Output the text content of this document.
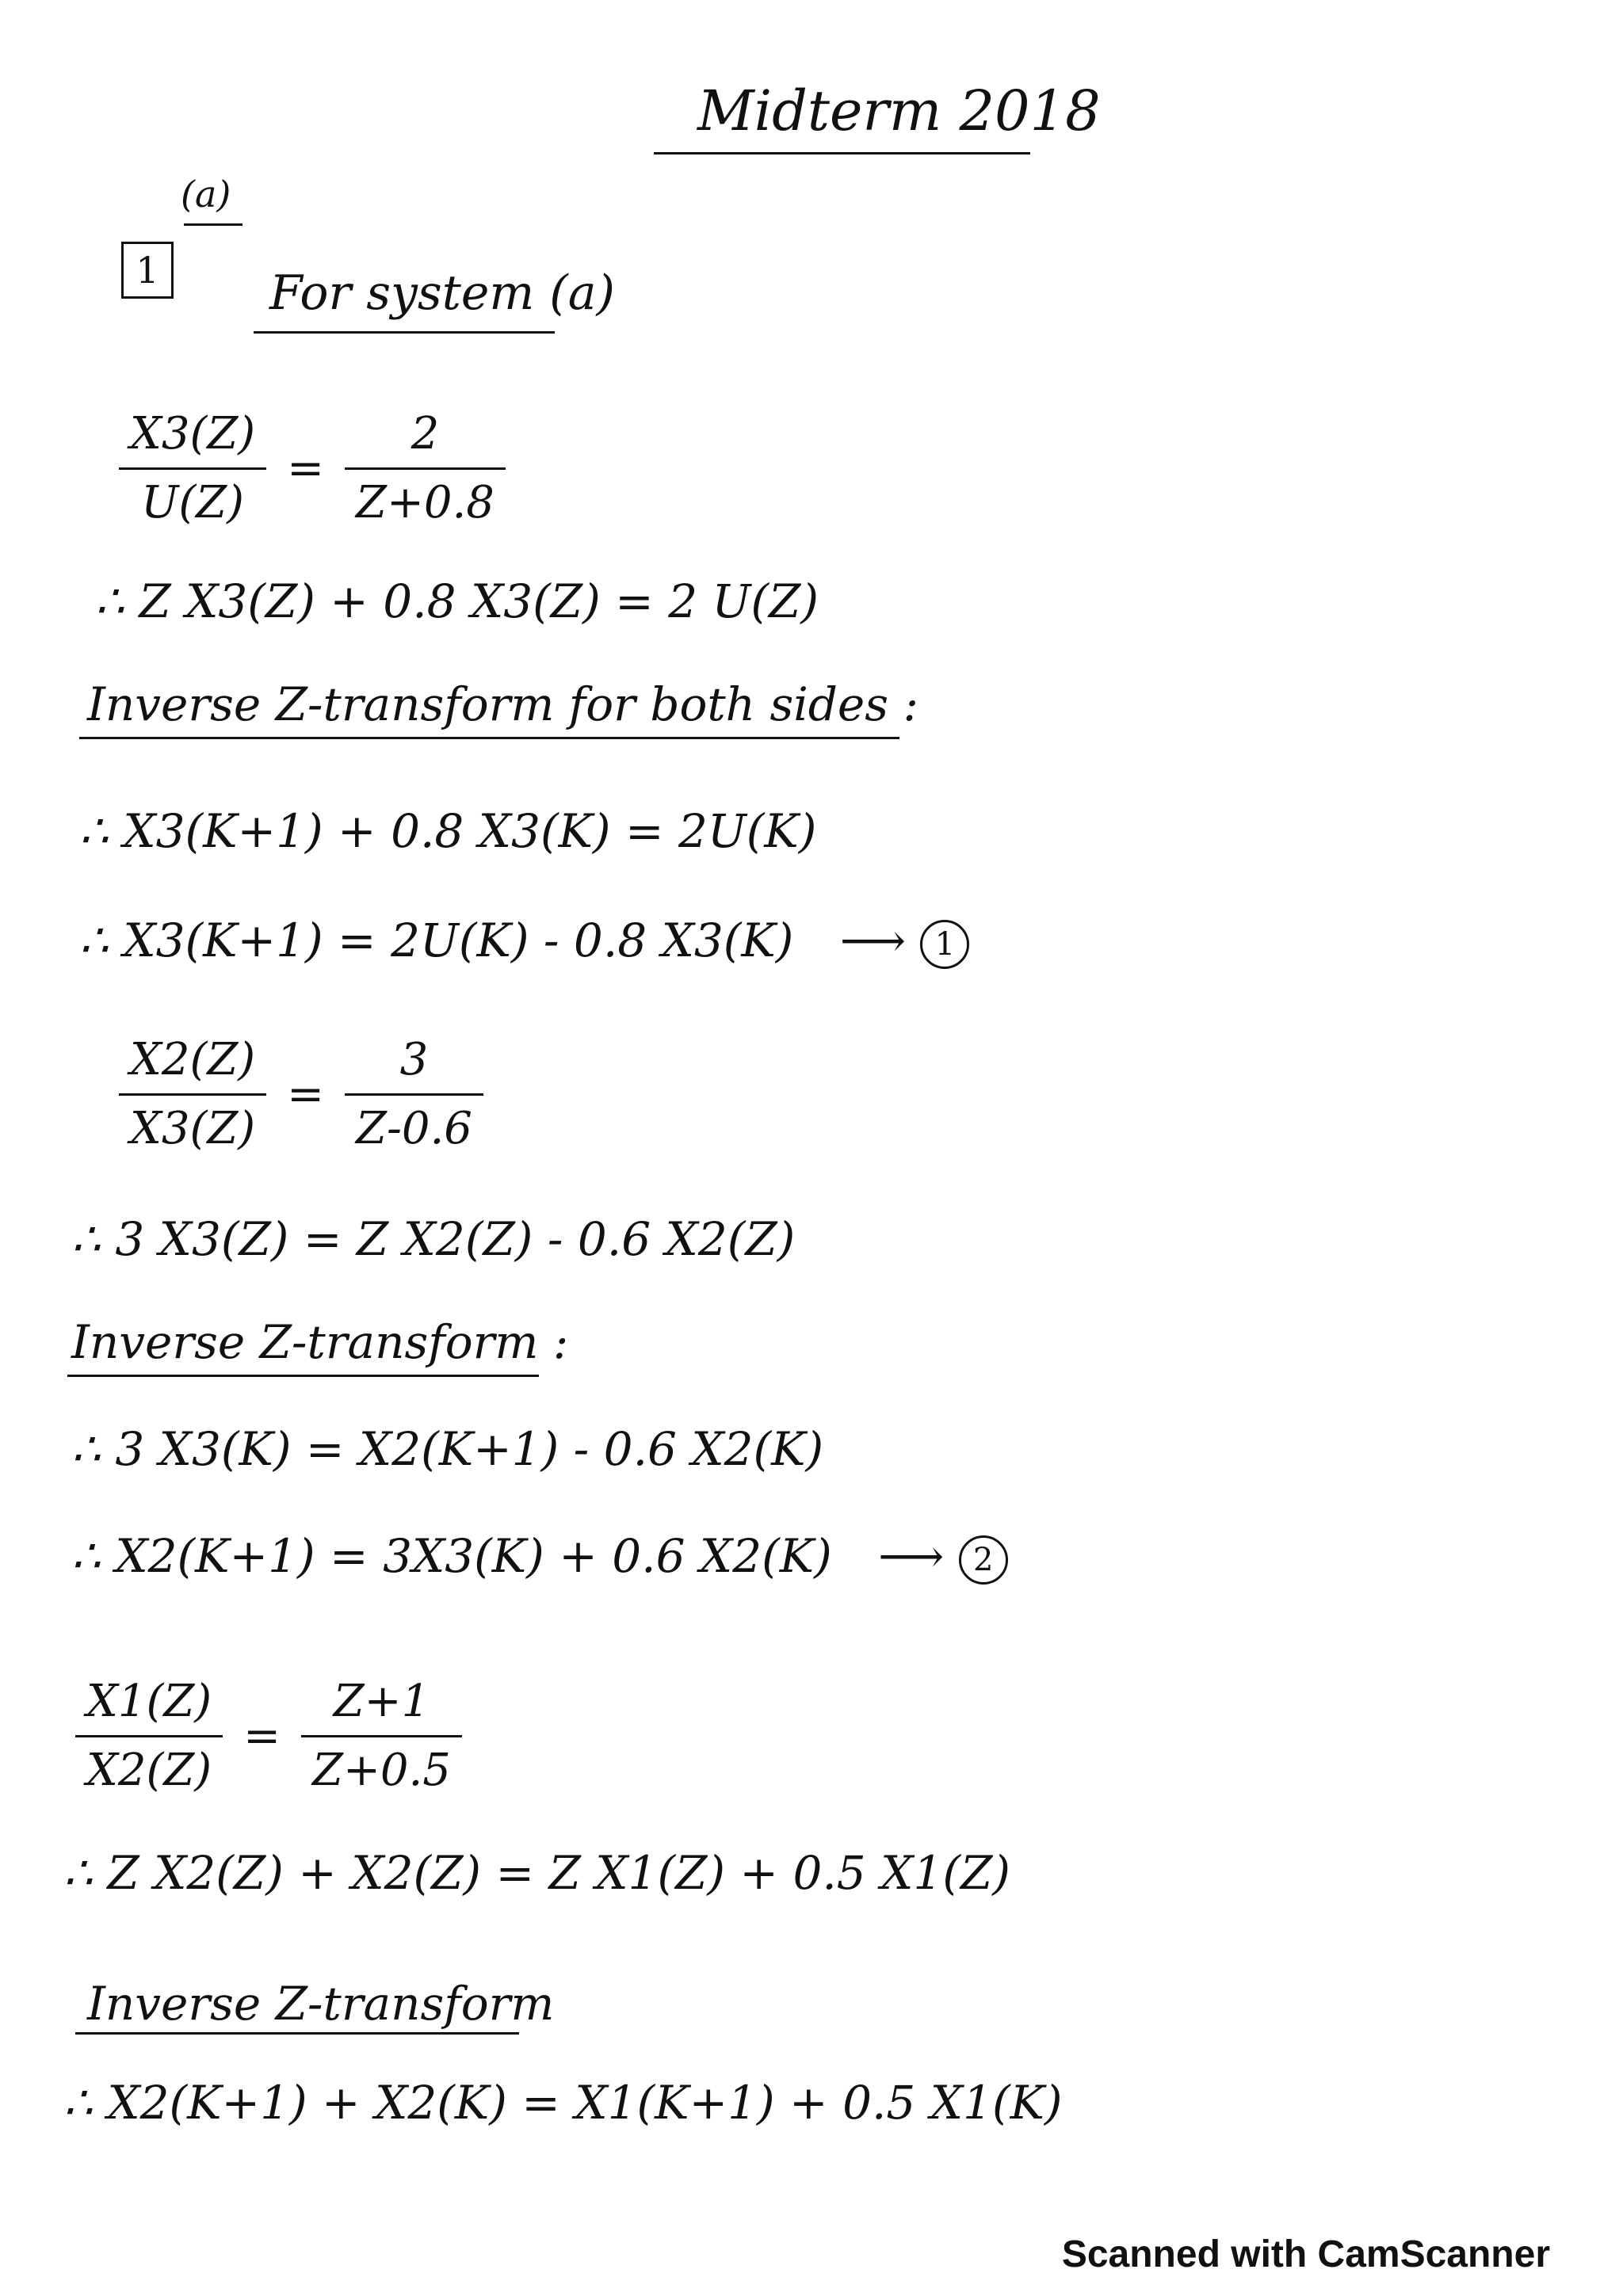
Midterm 2018
1
(a)
For system (a)
$\frac{X3(Z)}{U(Z)} = \frac{2}{Z+0.8}$
∴ Z X3(Z) + 0.8 X3(Z) = 2 U(Z)
Inverse Z-transform for both sides :
∴ X3(K+1) + 0.8 X3(K) = 2U(K)
∴ X3(K+1) = 2U(K) - 0.8 X3(K) ⟶ 1
$\frac{X2(Z)}{X3(Z)} = \frac{3}{Z-0.6}$
∴ 3 X3(Z) = Z X2(Z) - 0.6 X2(Z)
Inverse Z-transform :
∴ 3 X3(K) = X2(K+1) - 0.6 X2(K)
∴ X2(K+1) = 3X3(K) + 0.6 X2(K) ⟶ 2
$\frac{X1(Z)}{X2(Z)} = \frac{Z+1}{Z+0.5}$
∴ Z X2(Z) + X2(Z) = Z X1(Z) + 0.5 X1(Z)
Inverse Z-transform
∴ X2(K+1) + X2(K) = X1(K+1) + 0.5 X1(K)
Scanned with CamScanner
